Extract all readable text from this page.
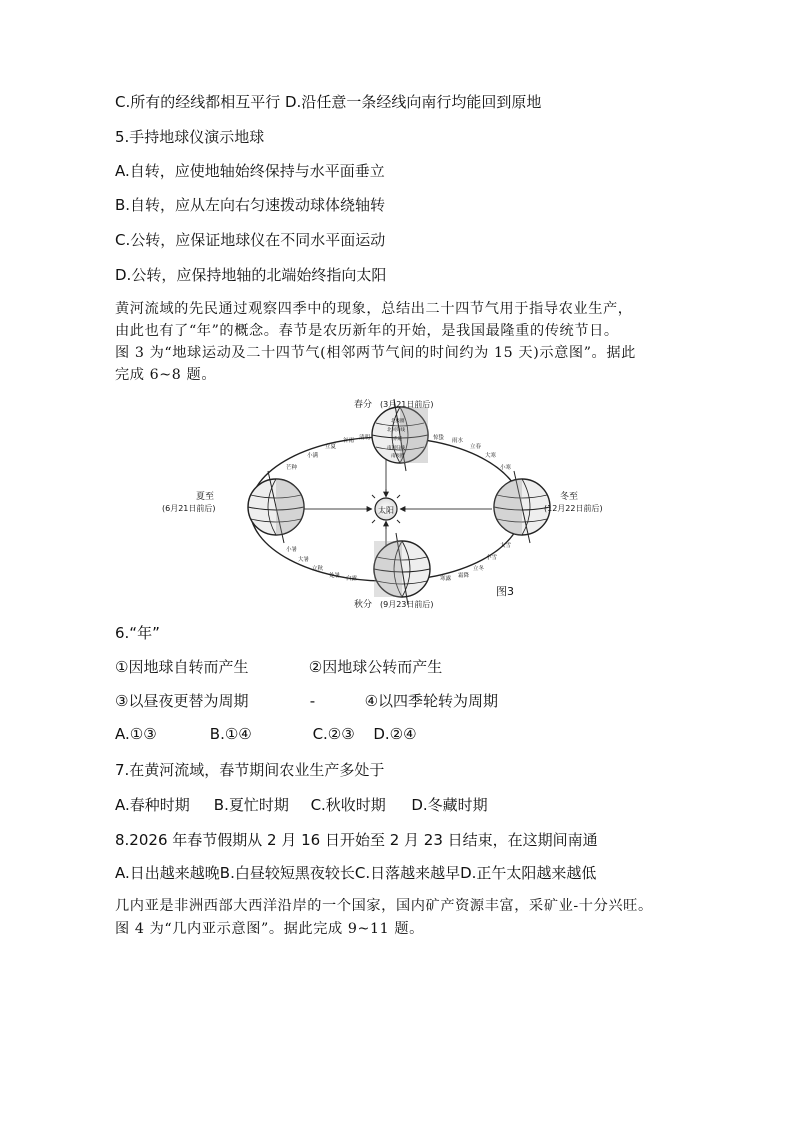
C.所有的经线都相互平行 D.沿任意一条经线向南行均能回到原地
5.手持地球仪演示地球
A.自转，应使地轴始终保持与水平面垂立
B.自转，应从左向右匀速拨动球体绕轴转
C.公转，应保证地球仪在不同水平面运动
D.公转，应保持地轴的北端始终指向太阳
黄河流域的先民通过观察四季中的现象，总结出二十四节气用于指导农业生产，
由此也有了“年”的概念。春节是农历新年的开始，是我国最隆重的传统节日。
图 3 为“地球运动及二十四节气(相邻两节气间的时间约为 15 天)示意图”。据此
完成 6~8 题。
太阳
北极圈
北回归线
赤道
南回归线
南极圈
春分 (3月21日前后)
夏至
(6月21日前后)
冬至
(12月22日前后)
秋分 (9月23日前后)
芒种
小满
立夏
谷雨 清明	惊蛰 雨水
立春
大寒
小寒
小暑
大暑
立秋
处暑 白露	寒露 霜降
立冬
小雪
大雪
图3
6.“年”
①因地球自转而产生	②因地球公转而产生
③以昼夜更替为周期	-	④以四季轮转为周期
A.①③	B.①④	C.②③ D.②④
7.在黄河流域，春节期间农业生产多处于
A.春种时期 B.夏忙时期 C.秋收时期 D.冬藏时期
8.2026 年春节假期从 2 月 16 日开始至 2 月 23 日结束，在这期间南通
A.日出越来越晚B.白昼较短黑夜较长C.日落越来越早D.正午太阳越来越低
几内亚是非洲西部大西洋沿岸的一个国家，国内矿产资源丰富，采矿业-十分兴旺。
图 4 为“几内亚示意图”。据此完成 9~11 题。
